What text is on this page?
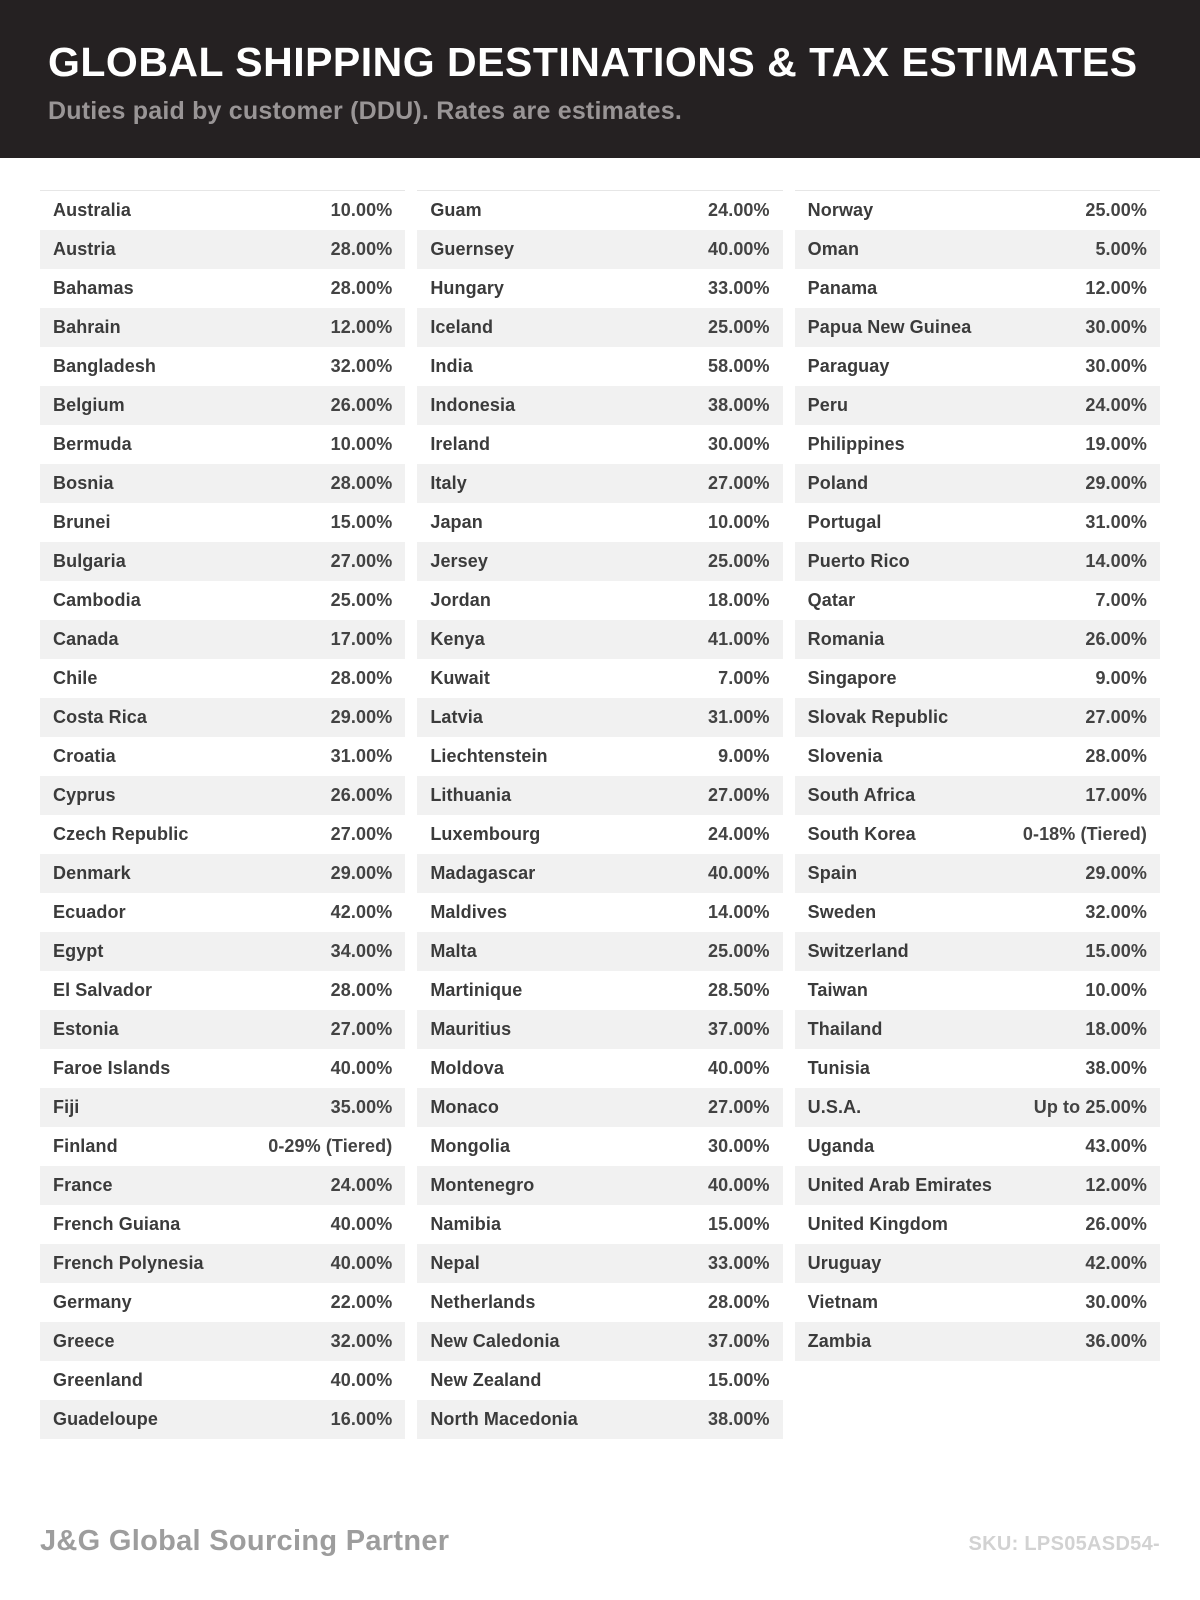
GLOBAL SHIPPING DESTINATIONS & TAX ESTIMATES
Duties paid by customer (DDU). Rates are estimates.
Australia	10.00%
Austria	28.00%
Bahamas	28.00%
Bahrain	12.00%
Bangladesh	32.00%
Belgium	26.00%
Bermuda	10.00%
Bosnia	28.00%
Brunei	15.00%
Bulgaria	27.00%
Cambodia	25.00%
Canada	17.00%
Chile	28.00%
Costa Rica	29.00%
Croatia	31.00%
Cyprus	26.00%
Czech Republic	27.00%
Denmark	29.00%
Ecuador	42.00%
Egypt	34.00%
El Salvador	28.00%
Estonia	27.00%
Faroe Islands	40.00%
Fiji	35.00%
Finland	0-29% (Tiered)
France	24.00%
French Guiana	40.00%
French Polynesia	40.00%
Germany	22.00%
Greece	32.00%
Greenland	40.00%
Guadeloupe	16.00%
Guam	24.00%
Guernsey	40.00%
Hungary	33.00%
Iceland	25.00%
India	58.00%
Indonesia	38.00%
Ireland	30.00%
Italy	27.00%
Japan	10.00%
Jersey	25.00%
Jordan	18.00%
Kenya	41.00%
Kuwait	7.00%
Latvia	31.00%
Liechtenstein	9.00%
Lithuania	27.00%
Luxembourg	24.00%
Madagascar	40.00%
Maldives	14.00%
Malta	25.00%
Martinique	28.50%
Mauritius	37.00%
Moldova	40.00%
Monaco	27.00%
Mongolia	30.00%
Montenegro	40.00%
Namibia	15.00%
Nepal	33.00%
Netherlands	28.00%
New Caledonia	37.00%
New Zealand	15.00%
North Macedonia	38.00%
Norway	25.00%
Oman	5.00%
Panama	12.00%
Papua New Guinea	30.00%
Paraguay	30.00%
Peru	24.00%
Philippines	19.00%
Poland	29.00%
Portugal	31.00%
Puerto Rico	14.00%
Qatar	7.00%
Romania	26.00%
Singapore	9.00%
Slovak Republic	27.00%
Slovenia	28.00%
South Africa	17.00%
South Korea	0-18% (Tiered)
Spain	29.00%
Sweden	32.00%
Switzerland	15.00%
Taiwan	10.00%
Thailand	18.00%
Tunisia	38.00%
U.S.A.	Up to 25.00%
Uganda	43.00%
United Arab Emirates	12.00%
United Kingdom	26.00%
Uruguay	42.00%
Vietnam	30.00%
Zambia	36.00%
J&G Global Sourcing Partner	SKU: LPS05ASD54-
